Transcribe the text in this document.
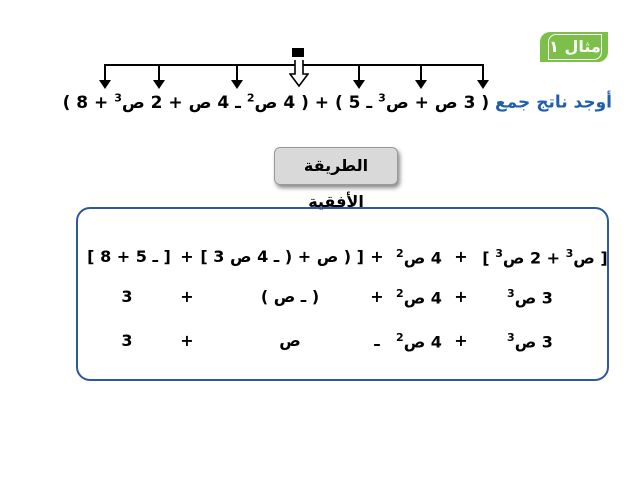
مثال ١
أوجد ناتج جمع ( 3 ص + ص$^3$ ـ 5 ) + ( 4 ص$^2$ ـ 4 ص + 2 ص$^3$ + 8 )
الطريقة الأفقية
[ ص$^3$ + 2 ص$^3$ ]
+
4 ص$^2$
+
[ ( ص + ( ـ 4 ص 3 ]
+
[ ـ 5 + 8 ]
3 ص$^3$
+
4 ص$^2$
+
( ـ ص )
+
3
3 ص$^3$
+
4 ص$^2$
ـ
ص
+
3
